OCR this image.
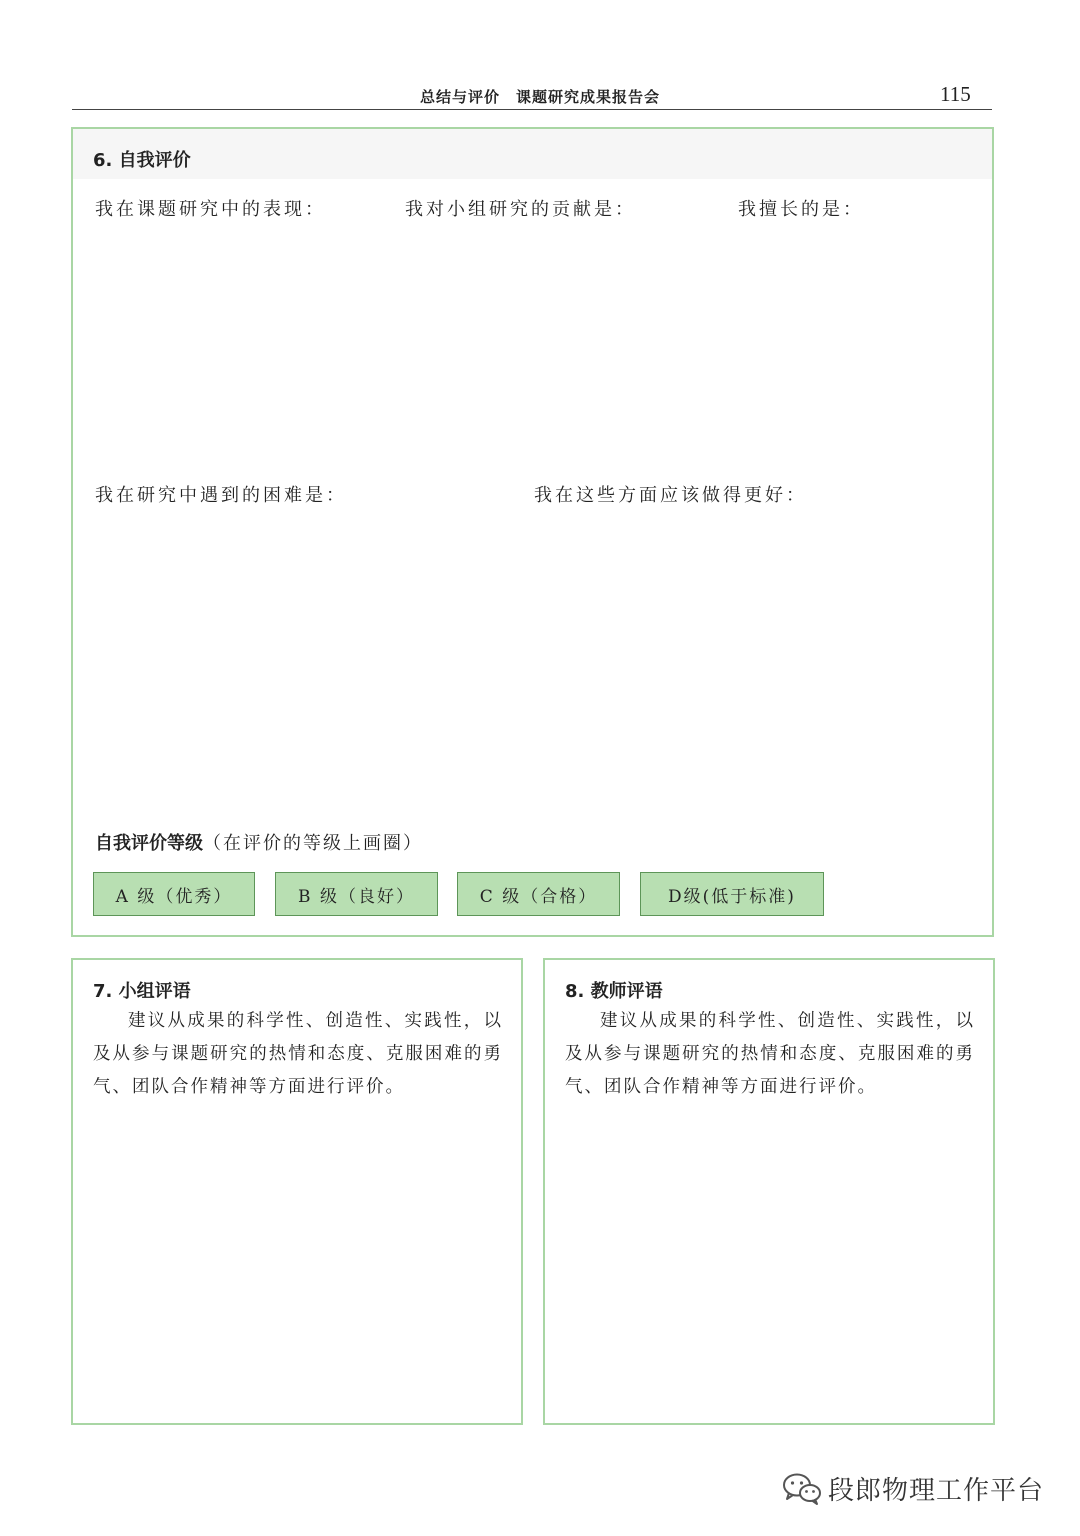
总结与评价　课题研究成果报告会	115
6. 自我评价
我在课题研究中的表现：	我对小组研究的贡献是：	我擅长的是：
我在研究中遇到的困难是：	我在这些方面应该做得更好：
自我评价等级（在评价的等级上画圈）
A 级（优秀）	B 级（良好）	C 级（合格）	D级(低于标准)
7. 小组评语
建议从成果的科学性、创造性、实践性，以及从参与课题研究的热情和态度、克服困难的勇气、团队合作精神等方面进行评价。
8. 教师评语
建议从成果的科学性、创造性、实践性，以及从参与课题研究的热情和态度、克服困难的勇气、团队合作精神等方面进行评价。
段郎物理工作平台
